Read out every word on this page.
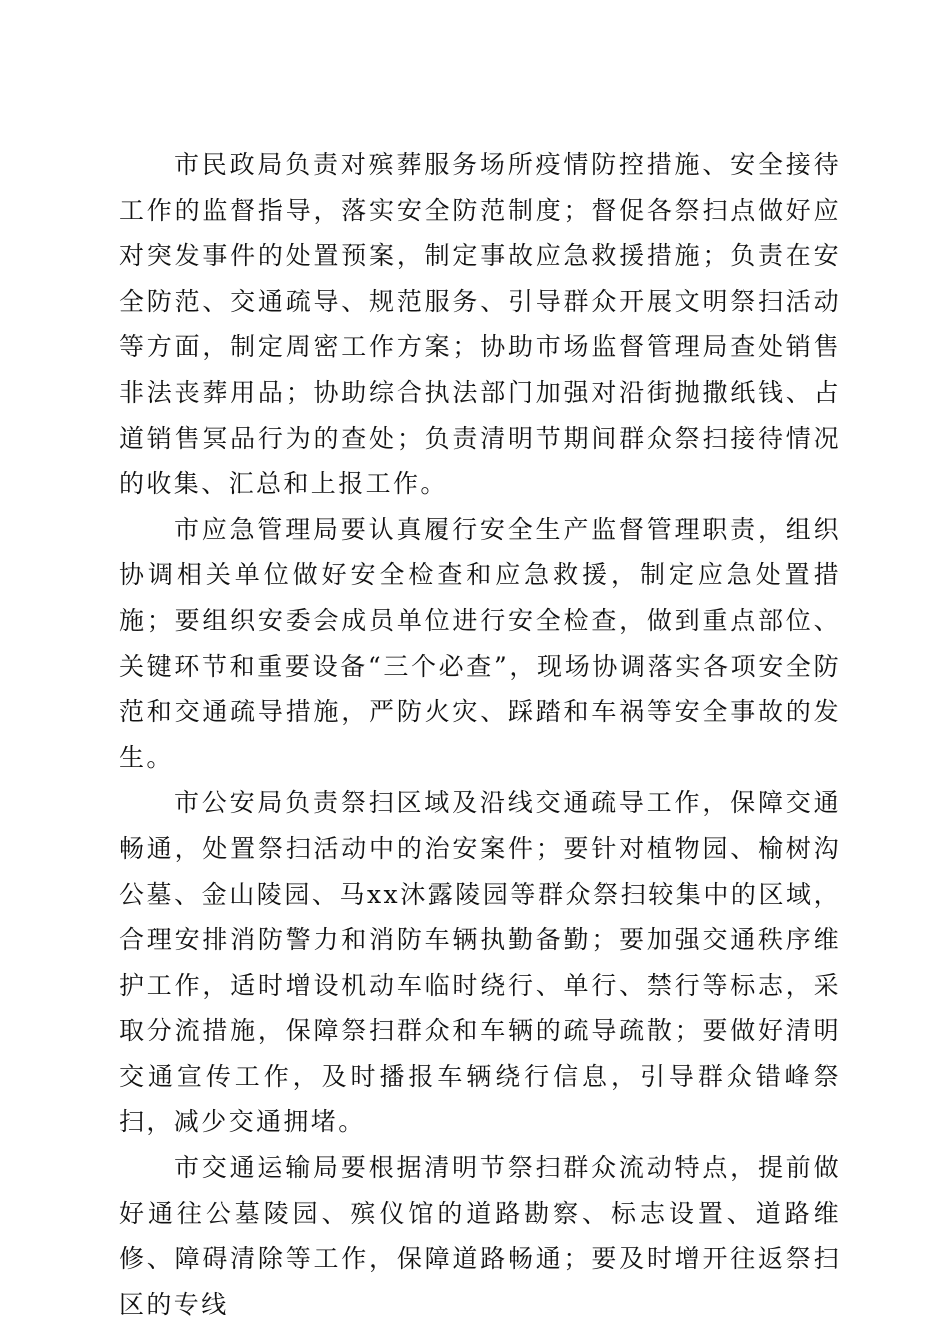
市民政局负责对殡葬服务场所疫情防控措施、安全接待工作的监督指导，落实安全防范制度；督促各祭扫点做好应对突发事件的处置预案，制定事故应急救援措施；负责在安全防范、交通疏导、规范服务、引导群众开展文明祭扫活动等方面，制定周密工作方案；协助市场监督管理局查处销售非法丧葬用品；协助综合执法部门加强对沿街抛撒纸钱、占道销售冥品行为的查处；负责清明节期间群众祭扫接待情况的收集、汇总和上报工作。

市应急管理局要认真履行安全生产监督管理职责，组织协调相关单位做好安全检查和应急救援，制定应急处置措施；要组织安委会成员单位进行安全检查，做到重点部位、关键环节和重要设备“三个必查”，现场协调落实各项安全防范和交通疏导措施，严防火灾、踩踏和车祸等安全事故的发生。

市公安局负责祭扫区域及沿线交通疏导工作，保障交通畅通，处置祭扫活动中的治安案件；要针对植物园、榆树沟公墓、金山陵园、马xx沐露陵园等群众祭扫较集中的区域，合理安排消防警力和消防车辆执勤备勤；要加强交通秩序维护工作，适时增设机动车临时绕行、单行、禁行等标志，采取分流措施，保障祭扫群众和车辆的疏导疏散；要做好清明交通宣传工作，及时播报车辆绕行信息，引导群众错峰祭扫，减少交通拥堵。

市交通运输局要根据清明节祭扫群众流动特点，提前做好通往公墓陵园、殡仪馆的道路勘察、标志设置、道路维修、障碍清除等工作，保障道路畅通；要及时增开往返祭扫区的专线
